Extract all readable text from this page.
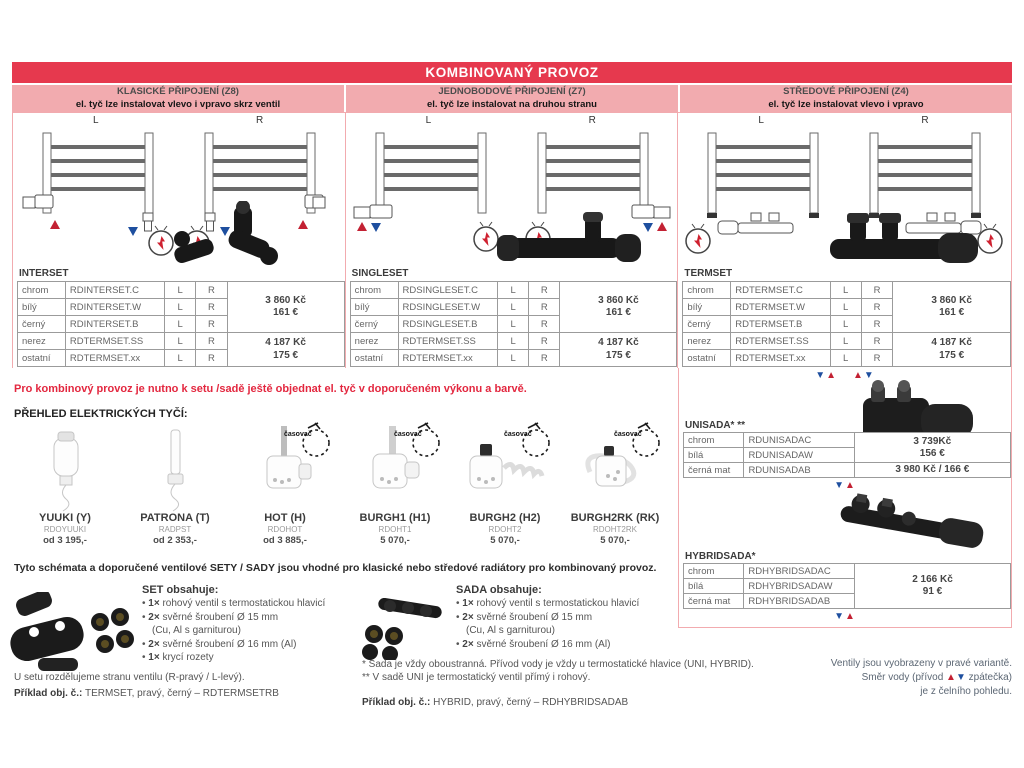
KOMBINOVANÝ PROVOZ
KLASICKÉ PŘIPOJENÍ (Z8)
el. tyč lze instalovat vlevo i vpravo skrz ventil
JEDNOBODOVÉ PŘIPOJENÍ (Z7)
el. tyč lze instalovat na druhou stranu
STŘEDOVÉ PŘIPOJENÍ (Z4)
el. tyč lze instalovat vlevo i vpravo
L	R
INTERSET
chrom	RDINTERSET.C	L	R	3 860 Kč
161 €

bílý	RDINTERSET.W	L	R	
černý	RDINTERSET.B	L	R	
nerez	RDTERMSET.SS	L	R	4 187 Kč
175 €

ostatní	RDTERMSET.xx	L	R	
L	R
SINGLESET
chrom	RDSINGLESET.C	L	R	3 860 Kč
161 €

bílý	RDSINGLESET.W	L	R	
černý	RDSINGLESET.B	L	R	
nerez	RDTERMSET.SS	L	R	4 187 Kč
175 €

ostatní	RDTERMSET.xx	L	R	
L	R
TERMSET
chrom	RDTERMSET.C	L	R	3 860 Kč
161 €

bílý	RDTERMSET.W	L	R	
černý	RDTERMSET.B	L	R	
nerez	RDTERMSET.SS	L	R	4 187 Kč
175 €

ostatní	RDTERMSET.xx	L	R	
▼▲ ▲▼
UNISADA* **
chrom	RDUNISADAC	3 739Kč
156 €

bílá	RDUNISADAW	
černá mat	RDUNISADAB	3 980 Kč / 166 €
▼▲
HYBRIDSADA*
chrom	RDHYBRIDSADAC	2 166 Kč
91 €

bílá	RDHYBRIDSADAW	
černá mat	RDHYBRIDSADAB	
▼▲
Pro kombinový provoz je nutno k setu /sadě ještě objednat el. tyč v doporučeném výkonu a barvě.
PŘEHLED ELEKTRICKÝCH TYČÍ:
YUUKI (Y)
RDOYUUKI
od 3 195,-
PATRONA (T)
RADPST
od 2 353,-
časovač
HOT (H)
RDOHOT
od 3 885,-
časovač
BURGH1 (H1)
RDOHT1
5 070,-
časovač
BURGH2 (H2)
RDOHT2
5 070,-
časovač
BURGH2RK (RK)
RDOHT2RK
5 070,-
Tyto schémata a doporučené ventilové SETY / SADY jsou vhodné pro klasické nebo středové radiátory pro kombinovaný provoz.
SET obsahuje:
• 1× rohový ventil s termostatickou hlavicí
• 2× svěrné šroubení Ø 15 mm
(Cu, Al s garniturou)
• 2× svěrné šroubení Ø 16 mm (Al)
• 1× krycí rozety
SADA obsahuje:
• 1× rohový ventil s termostatickou hlavicí
• 2× svěrné šroubení Ø 15 mm
(Cu, Al s garniturou)
• 2× svěrné šroubení Ø 16 mm (Al)
* Sada je vždy oboustranná. Přívod vody je vždy u termostatické hlavice (UNI, HYBRID).
** V sadě UNI je termostatický ventil přímý i rohový.
Příklad obj. č.: HYBRID, pravý, černý – RDHYBRIDSADAB
U setu rozdělujeme stranu ventilu (R-pravý / L-levý).
Příklad obj. č.: TERMSET, pravý, černý – RDTERMSETRB
Ventily jsou vyobrazeny v pravé variantě.
Směr vody (přívod ▲▼ zpátečka)
je z čelního pohledu.
